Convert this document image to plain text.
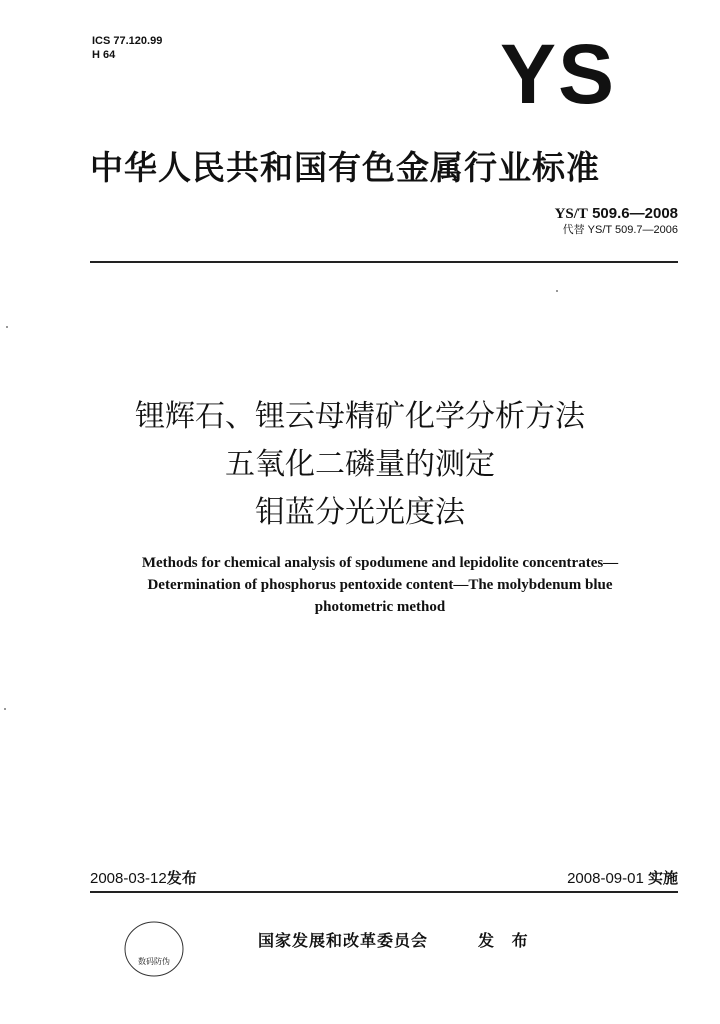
ICS 77.120.99
H 64	YS
中华人民共和国有色金属行业标准
YS/T 509.6—2008
代替 YS/T 509.7—2006
锂辉石、锂云母精矿化学分析方法
五氧化二磷量的测定
钼蓝分光光度法
Methods for chemical analysis of spodumene and lepidolite concentrates—
Determination of phosphorus pentoxide content—The molybdenum blue
photometric method
2008-03-12发布	2008-09-01 实施
数码防伪
国家发展和改革委员会	发 布
